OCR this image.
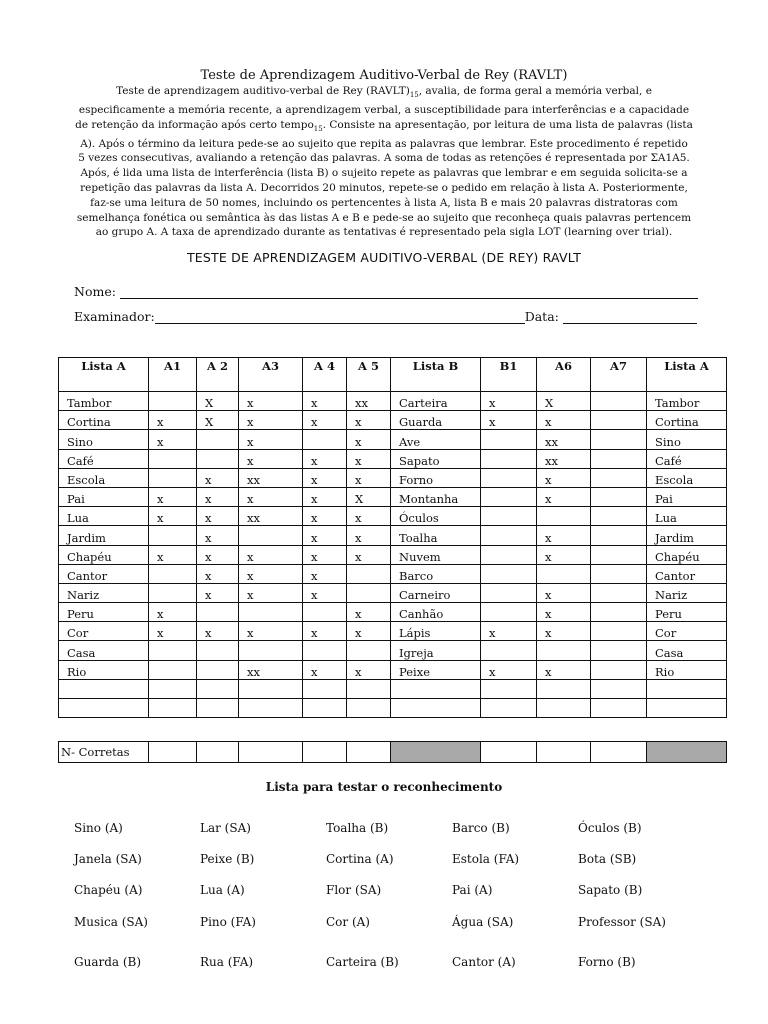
Teste de Aprendizagem Auditivo-Verbal de Rey (RAVLT)
Teste de aprendizagem auditivo-verbal de Rey $(RAVLT)_{15}$, avalia, de forma geral a memória verbal, e
especificamente a memória recente, a aprendizagem verbal, a susceptibilidade para interferências e a capacidade
de retenção da informação após certo tempo$_{15}$. Consiste na apresentação, por leitura de uma lista de palavras (lista
A). Após o término da leitura pede-se ao sujeito que repita as palavras que lembrar. Este procedimento é repetido
5 vezes consecutivas, avaliando a retenção das palavras. A soma de todas as retenções é representada por ΣA1A5.
Após, é lida uma lista de interferência (lista B) o sujeito repete as palavras que lembrar e em seguida solicita-se a
repetição das palavras da lista A. Decorridos 20 minutos, repete-se o pedido em relação à lista A. Posteriormente,
faz-se uma leitura de 50 nomes, incluindo os pertencentes à lista A, lista B e mais 20 palavras distratoras com
semelhança fonética ou semântica às das listas A e B e pede-se ao sujeito que reconheça quais palavras pertencem
ao grupo A. A taxa de aprendizado durante as tentativas é representado pela sigla LOT (learning over trial).
TESTE DE APRENDIZAGEM AUDITIVO-VERBAL (DE REY) RAVLT
Nome:
Examinador:	Data:
Lista A	A1	A 2	A3	A 4	A 5	Lista B	B1	A6	A7	Lista A
Tambor		X	x	x	xx	Carteira	x	X		Tambor
Cortina	x	X	x	x	x	Guarda	x	x		Cortina
Sino	x		x		x	Ave		xx		Sino
Café			x	x	x	Sapato		xx		Café
Escola		x	xx	x	x	Forno		x		Escola
Pai	x	x	x	x	X	Montanha		x		Pai
Lua	x	x	xx	x	x	Óculos				Lua
Jardim		x		x	x	Toalha		x		Jardim
Chapéu	x	x	x	x	x	Nuvem		x		Chapéu
Cantor		x	x	x		Barco				Cantor
Nariz		x	x	x		Carneiro		x		Nariz
Peru	x				x	Canhão		x		Peru
Cor	x	x	x	x	x	Lápis	x	x		Cor
Casa						Igreja				Casa
Rio			xx	x	x	Peixe	x	x		Rio

N- Corretas										
Lista para testar o reconhecimento
Sino (A)	Lar (SA)	Toalha (B)	Barco (B)	Óculos (B)
Janela (SA)	Peixe (B)	Cortina (A)	Estola (FA)	Bota (SB)
Chapéu (A)	Lua (A)	Flor (SA)	Pai (A)	Sapato (B)
Musica (SA)	Pino (FA)	Cor (A)	Água (SA)	Professor (SA)
Guarda (B)	Rua (FA)	Carteira (B)	Cantor (A)	Forno (B)
